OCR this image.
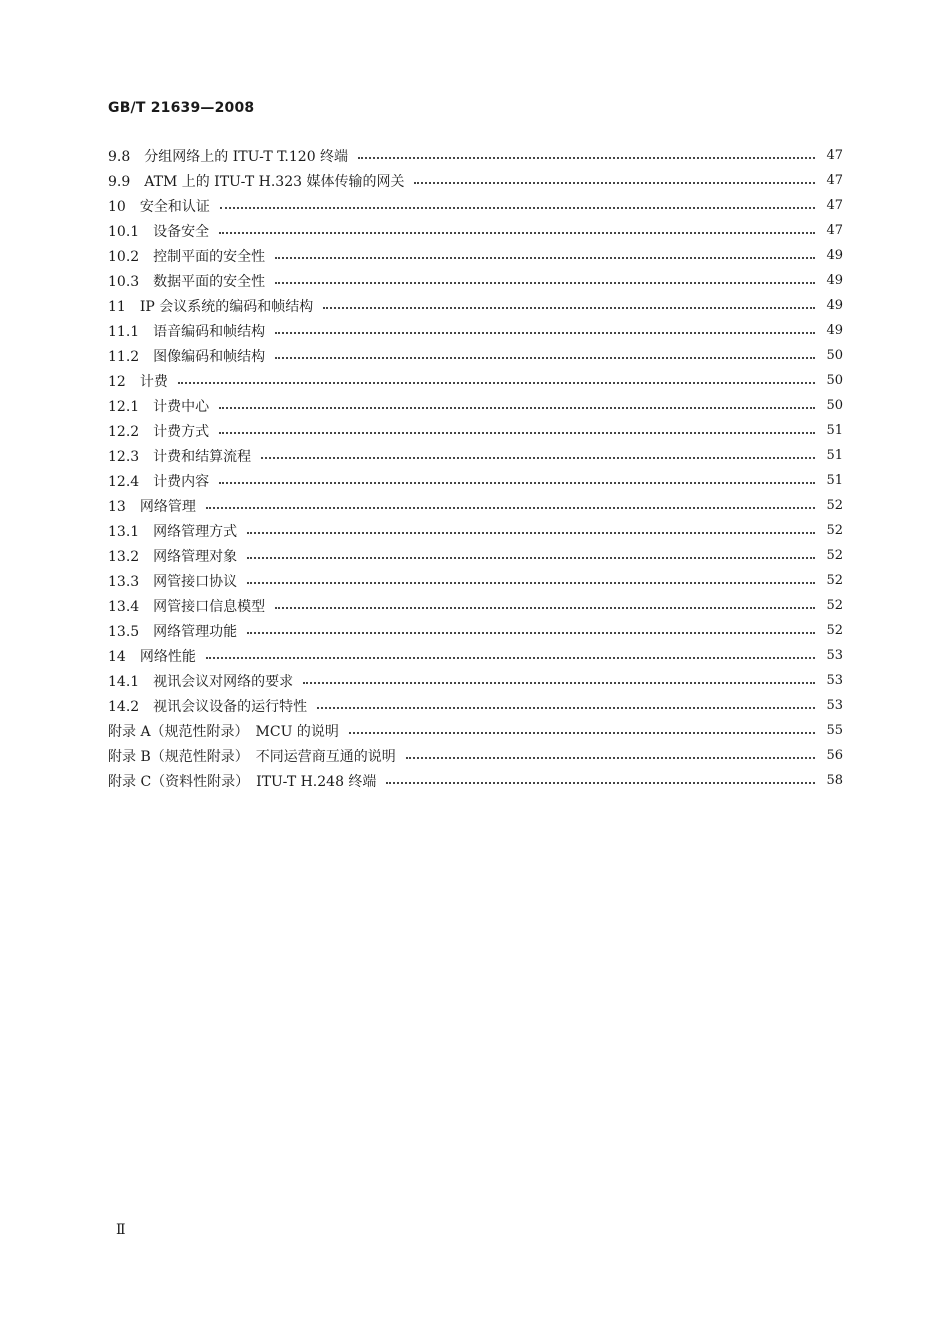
GB/T 21639—2008
9.8　分组网络上的 ITU-T T.120 终端	47
9.9　ATM 上的 ITU-T H.323 媒体传输的网关	47
10　安全和认证	47
10.1　设备安全	47
10.2　控制平面的安全性	49
10.3　数据平面的安全性	49
11　IP 会议系统的编码和帧结构	49
11.1　语音编码和帧结构	49
11.2　图像编码和帧结构	50
12　计费	50
12.1　计费中心	50
12.2　计费方式	51
12.3　计费和结算流程	51
12.4　计费内容	51
13　网络管理	52
13.1　网络管理方式	52
13.2　网络管理对象	52
13.3　网管接口协议	52
13.4　网管接口信息模型	52
13.5　网络管理功能	52
14　网络性能	53
14.1　视讯会议对网络的要求	53
14.2　视讯会议设备的运行特性	53
附录 A（规范性附录）　MCU 的说明	55
附录 B（规范性附录）　不同运营商互通的说明	56
附录 C（资料性附录）　ITU-T H.248 终端	58
Ⅱ
